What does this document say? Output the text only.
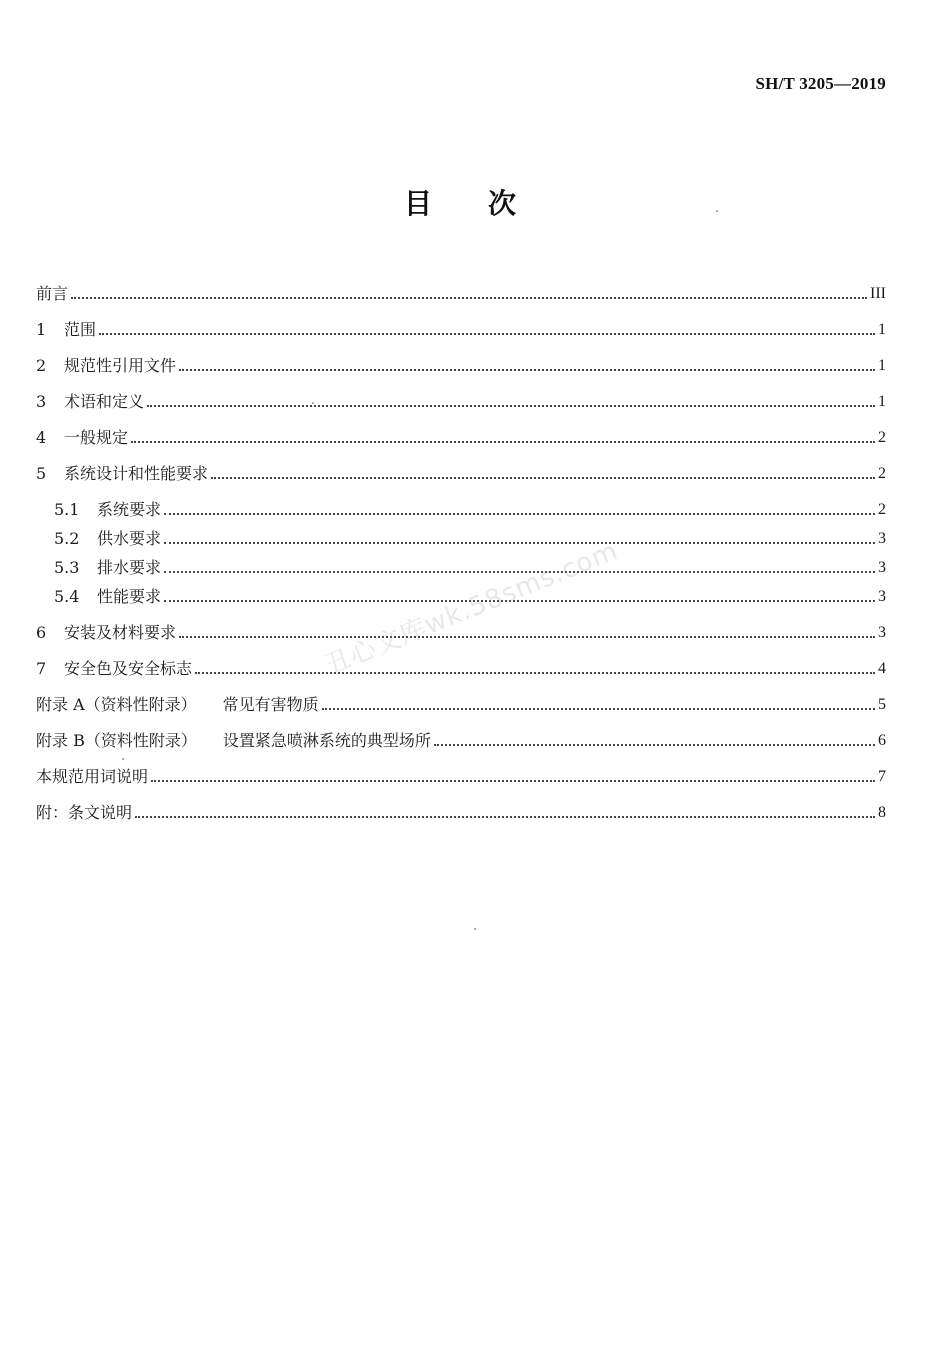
SH/T 3205—2019
目 次
前言	III
1	范围	1
2	规范性引用文件	1
3	术语和定义	1
4	一般规定	2
5	系统设计和性能要求	2
5.1	系统要求	2
5.2	供水要求	3
5.3	排水要求	3
5.4	性能要求	3
6	安装及材料要求	3
7	安全色及安全标志	4
附录 A（资料性附录） 常见有害物质	5
附录 B（资料性附录） 设置紧急喷淋系统的典型场所	6
本规范用词说明	7
附：条文说明	8
丑心文库wk.58sms.com
